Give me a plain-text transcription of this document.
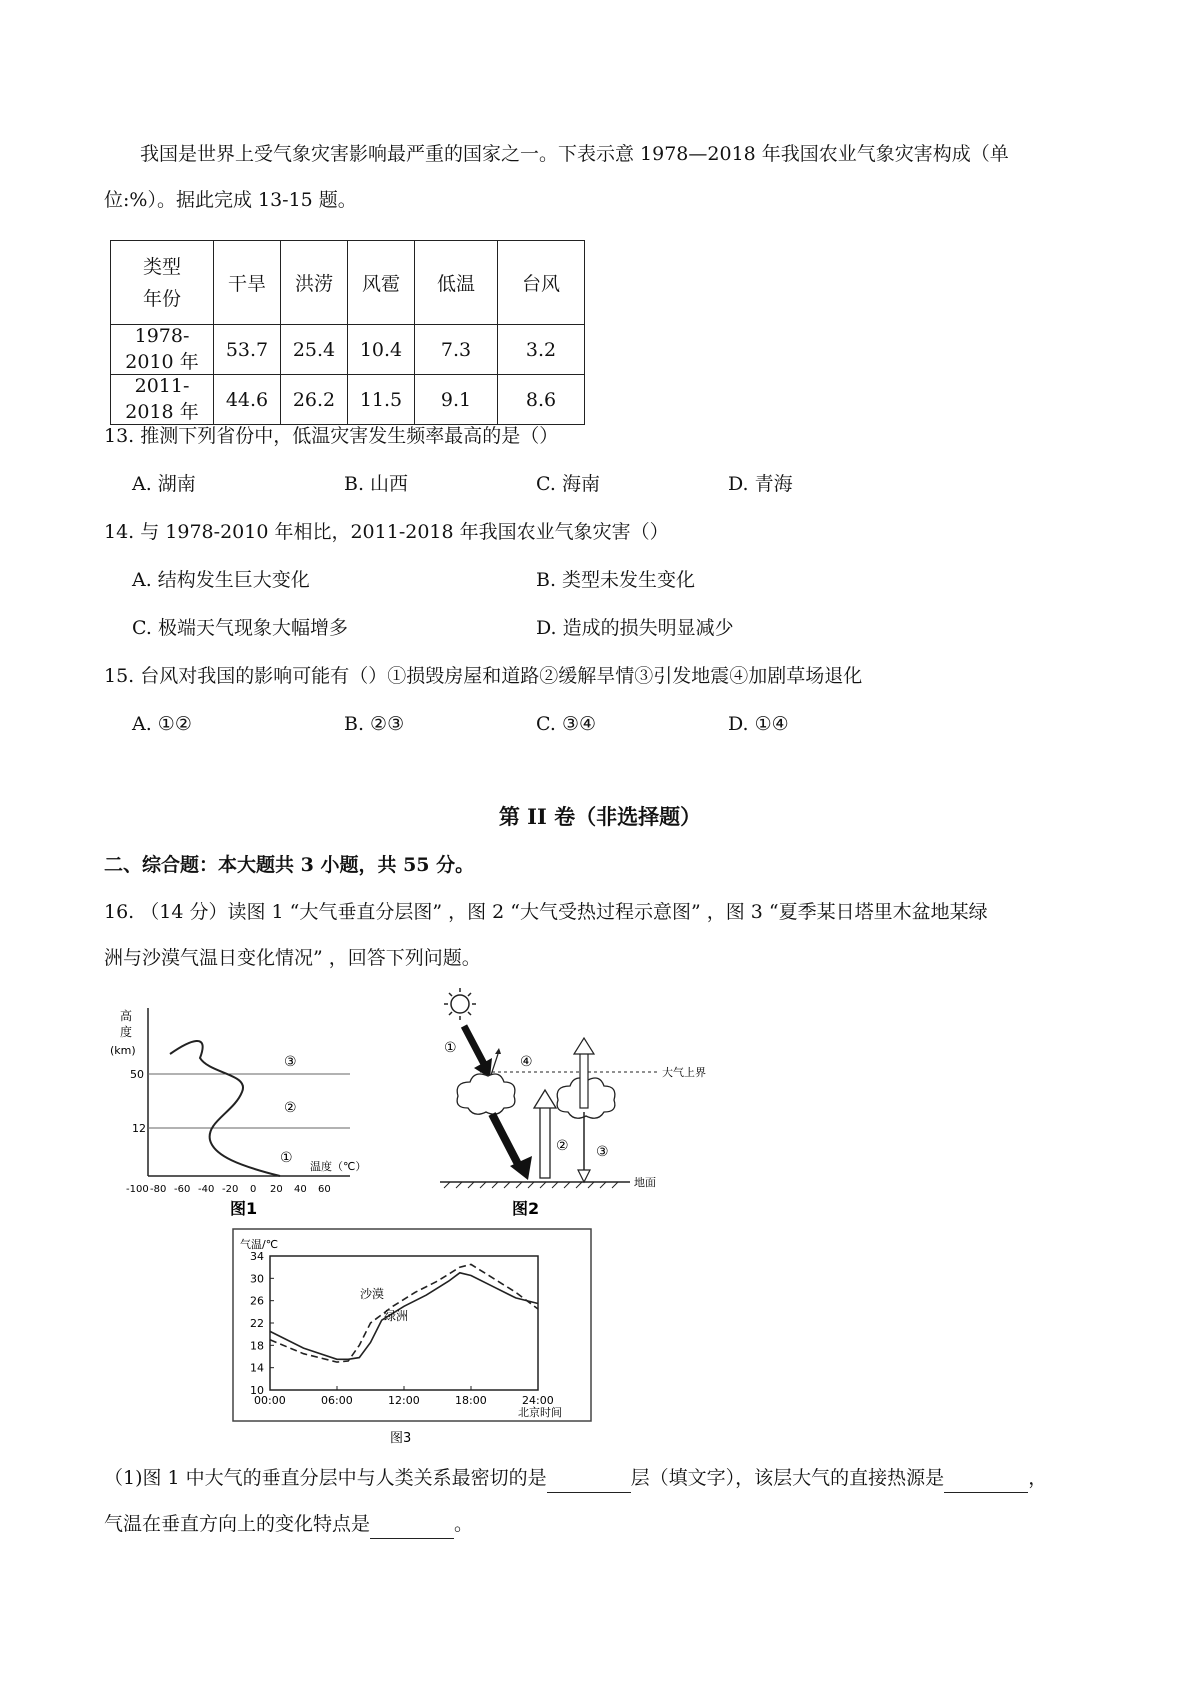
我国是世界上受气象灾害影响最严重的国家之一。下表示意 1978—2018 年我国农业气象灾害构成（单
位:%）。据此完成 13-15 题。
类型
年份	干旱	洪涝	风雹	低温	台风
1978-2010 年	53.7	25.4	10.4	7.3	3.2
2011-2018 年	44.6	26.2	11.5	9.1	8.6
13. 推测下列省份中，低温灾害发生频率最高的是（）
A. 湖南	B. 山西	C. 海南	D. 青海
14. 与 1978-2010 年相比，2011-2018 年我国农业气象灾害（）
A. 结构发生巨大变化	B. 类型未发生变化
C. 极端天气现象大幅增多	D. 造成的损失明显减少
15. 台风对我国的影响可能有（）①损毁房屋和道路②缓解旱情③引发地震④加剧草场退化
A. ①②	B. ②③	C. ③④	D. ①④
第 II 卷（非选择题）
二、综合题：本大题共 3 小题，共 55 分。
16. （14 分）读图 1 “大气垂直分层图” ，图 2 “大气受热过程示意图” ，图 3 “夏季某日塔里木盆地某绿
洲与沙漠气温日变化情况” ，回答下列问题。
高
度
(km)
50
12
③
②
①
温度（℃）
-100 -80 -60 -40 -20 0 20 40 60
图1
大气上界
①
②
④
③
地面
图2
气温/℃
10
14
18
22
26
30
34
00:00	06:00	12:00	18:00	24:00
沙漠
绿洲
北京时间
图3
（1)图 1 中大气的垂直分层中与人类关系最密切的是	层（填文字），该层大气的直接热源是	，
气温在垂直方向上的变化特点是	。
